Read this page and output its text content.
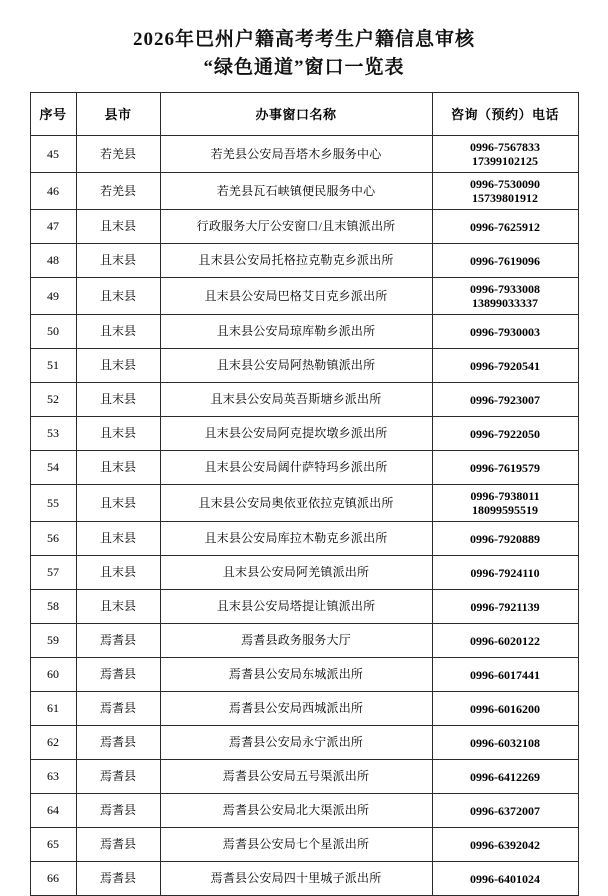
2026年巴州户籍高考考生户籍信息审核
“绿色通道”窗口一览表
序号	县市	办事窗口名称	咨询（预约）电话
45	若羌县	若羌县公安局吾塔木乡服务中心	0996-7567833
17399102125

46	若羌县	若羌县瓦石峡镇便民服务中心	0996-7530090
15739801912

47	且末县	行政服务大厅公安窗口/且末镇派出所	0996-7625912

48	且末县	且末县公安局托格拉克勒克乡派出所	0996-7619096

49	且末县	且末县公安局巴格艾日克乡派出所	0996-7933008
13899033337

50	且末县	且末县公安局琼库勒乡派出所	0996-7930003

51	且末县	且末县公安局阿热勒镇派出所	0996-7920541

52	且末县	且末县公安局英吾斯塘乡派出所	0996-7923007

53	且末县	且末县公安局阿克提坎墩乡派出所	0996-7922050

54	且末县	且末县公安局阔什萨特玛乡派出所	0996-7619579

55	且末县	且末县公安局奥依亚依拉克镇派出所	0996-7938011
18099595519

56	且末县	且末县公安局库拉木勒克乡派出所	0996-7920889

57	且末县	且末县公安局阿羌镇派出所	0996-7924110

58	且末县	且末县公安局塔提让镇派出所	0996-7921139

59	焉耆县	焉耆县政务服务大厅	0996-6020122

60	焉耆县	焉耆县公安局东城派出所	0996-6017441

61	焉耆县	焉耆县公安局西城派出所	0996-6016200

62	焉耆县	焉耆县公安局永宁派出所	0996-6032108

63	焉耆县	焉耆县公安局五号渠派出所	0996-6412269

64	焉耆县	焉耆县公安局北大渠派出所	0996-6372007

65	焉耆县	焉耆县公安局七个星派出所	0996-6392042

66	焉耆县	焉耆县公安局四十里城子派出所	0996-6401024
